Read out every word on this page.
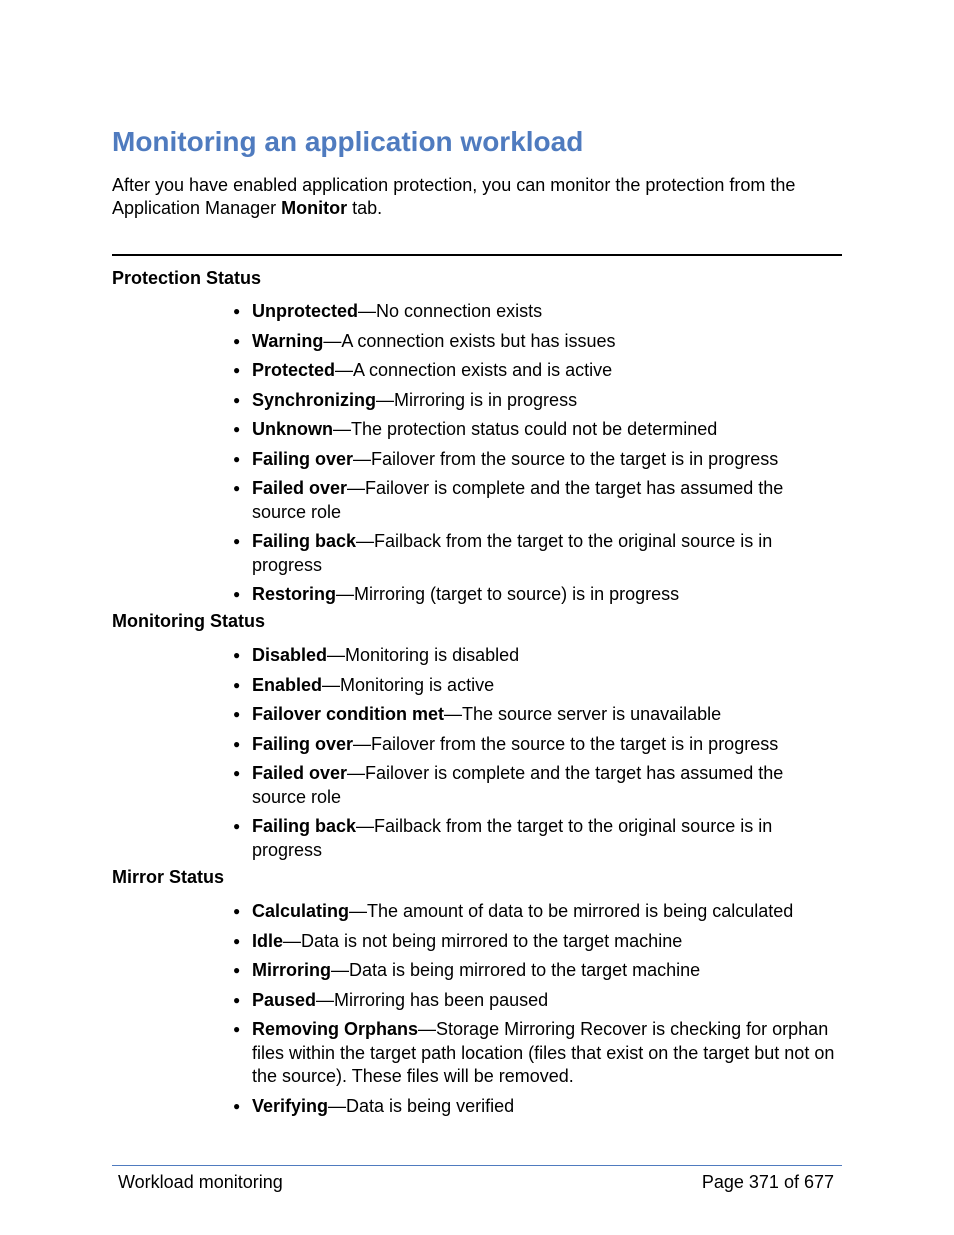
Monitoring an application workload

After you have enabled application protection, you can monitor the protection from the Application Manager Monitor tab.

Protection Status
● Unprotected—No connection exists
● Warning—A connection exists but has issues
● Protected—A connection exists and is active
● Synchronizing—Mirroring is in progress
● Unknown—The protection status could not be determined
● Failing over—Failover from the source to the target is in progress
● Failed over—Failover is complete and the target has assumed the source role
● Failing back—Failback from the target to the original source is in progress
● Restoring—Mirroring (target to source) is in progress
Monitoring Status
● Disabled—Monitoring is disabled
● Enabled—Monitoring is active
● Failover condition met—The source server is unavailable
● Failing over—Failover from the source to the target is in progress
● Failed over—Failover is complete and the target has assumed the source role
● Failing back—Failback from the target to the original source is in progress
Mirror Status
● Calculating—The amount of data to be mirrored is being calculated
● Idle—Data is not being mirrored to the target machine
● Mirroring—Data is being mirrored to the target machine
● Paused—Mirroring has been paused
● Removing Orphans—Storage Mirroring Recover is checking for orphan files within the target path location (files that exist on the target but not on the source). These files will be removed.
● Verifying—Data is being verified
Workload monitoring	Page 371 of 677
